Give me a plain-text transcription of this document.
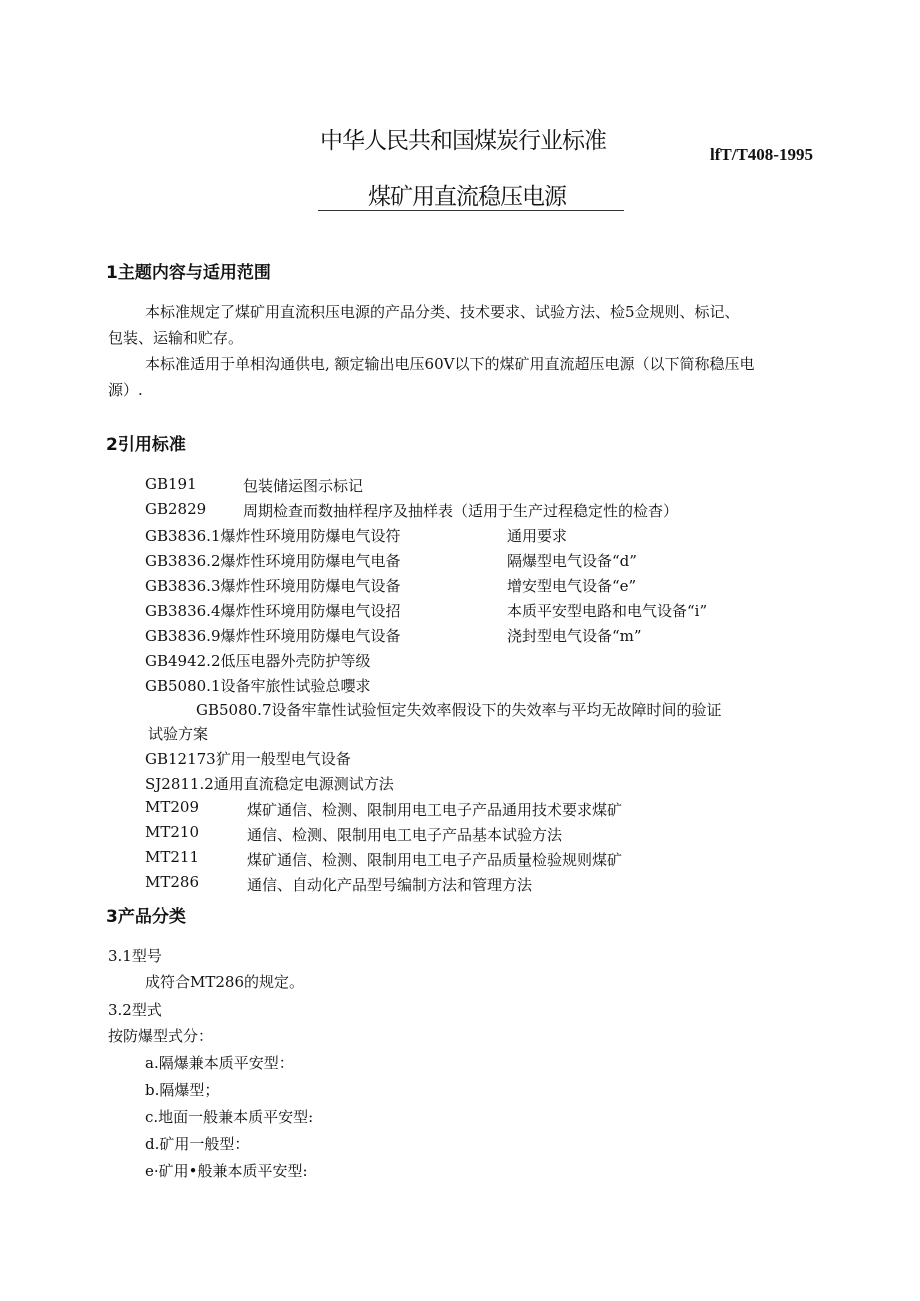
中华人民共和国煤炭行业标准
lfT/T408-1995
煤矿用直流稳压电源
1主题内容与适用范围
本标准规定了煤矿用直流积压电源的产品分类、技术要求、试验方法、检5佥规则、标记、
包装、运输和贮存。
本标准适用于单相沟通供电, 额定输出电压60V以下的煤矿用直流超压电源（以下简称稳压电
源）.
2引用标准
GB191	包装储运图示标记
GB2829 周期检查而数抽样程序及抽样表（适用于生产过程稳定性的检杳）
GB3836.1爆炸性环境用防爆电气设符	通用要求
GB3836.2爆炸性环境用防爆电气电备	隔爆型电气设备“d”
GB3836.3爆炸性环境用防爆电气设备	增安型电气设备“e”
GB3836.4爆炸性环境用防爆电气设招	本质平安型电路和电气设备“i”
GB3836.9爆炸性环境用防爆电气设备	浇封型电气设备“m”
GB4942.2低压电器外壳防护等级
GB5080.1设备牢旅性试验总嚶求
GB5080.7设备牢靠性试验恒定失效率假设下的失效率与平均无故障时间的验证
试验方案
GB12173犷用一般型电气设备
SJ2811.2通用直流稳定电源测试方法
MT209	煤矿通信、检测、限制用电工电子产品通用技术要求煤矿
MT210	通信、检测、限制用电工电子产品基本试验方法
MT211	煤矿通信、检测、限制用电工电子产品质量检验规则煤矿
MT286	通信、自动化产品型号编制方法和管理方法
3产品分类
3.1型号
成符合MT286的规定。
3.2型式
按防爆型式分：
a.隔爆兼本质平安型：
b.隔爆型；
c.地面一般兼本质平安型:
d.矿用一般型：
e·矿用•般兼本质平安型:
